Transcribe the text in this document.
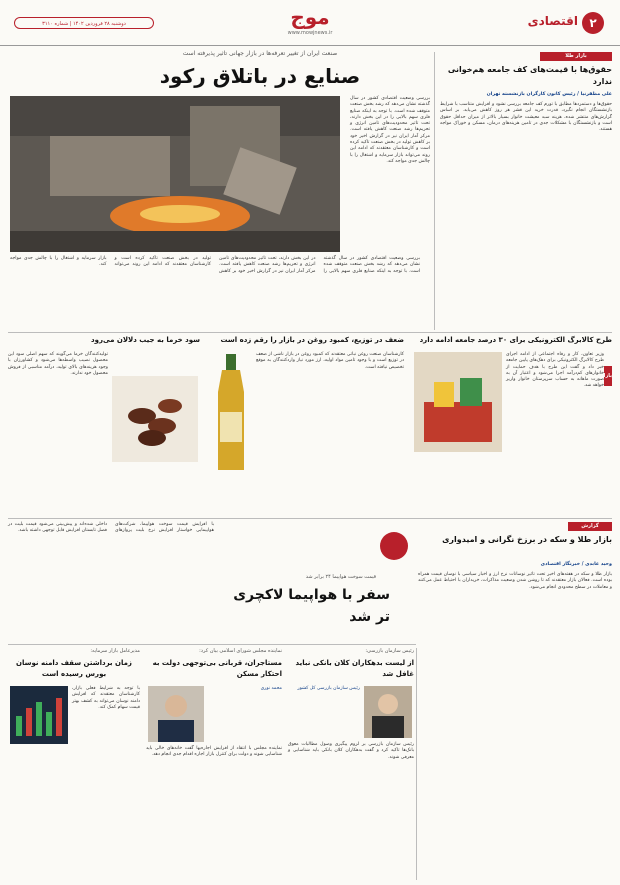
۲
اقتصادی
موج
www.mowjnews.ir
دوشنبه ۲۸ فروردین ۱۴۰۲ | شماره ۳۱۱۰
صنعت ایران از تغییر تعرفه‌ها در بازار جهانی تاثیر پذیرفته است
صنایع در باتلاق رکود
بررسی وضعیت اقتصادی کشور در سال گذشته نشان می‌دهد که رشد بخش صنعت متوقف شده است. با توجه به اینکه صنایع فلزی سهم بالایی را در این بخش دارند، تحت تاثیر محدودیت‌های تامین انرژی و تحریم‌ها رشد صنعت کاهش یافته است. مرکز آمار ایران نیز در گزارش اخیر خود بر کاهش تولید در بخش صنعت تاکید کرده است و کارشناسان معتقدند که ادامه این روند می‌تواند بازار سرمایه و اشتغال را با چالش جدی مواجه کند.
بررسی وضعیت اقتصادی کشور در سال گذشته نشان می‌دهد که رشد بخش صنعت متوقف شده است. با توجه به اینکه صنایع فلزی سهم بالایی را در این بخش دارند، تحت تاثیر محدودیت‌های تامین انرژی و تحریم‌ها رشد صنعت کاهش یافته است. مرکز آمار ایران نیز در گزارش اخیر خود بر کاهش تولید در بخش صنعت تاکید کرده است و کارشناسان معتقدند که ادامه این روند می‌تواند بازار سرمایه و اشتغال را با چالش جدی مواجه کند.
بازار طلا
حقوق‌ها با قیمت‌های کف جامعه هم‌خوانی ندارد
علی مظفرنیا / رئیس کانون کارگران بازنشسته تهران
حقوق‌ها و دستمزدها مطابق با تورم کف جامعه بررسی نشود و افزایش متناسب با شرایط بازنشستگان انجام نگیرد، قدرت خرید این قشر هر روز کاهش می‌یابد. بر اساس گزارش‌های منتشر شده، هزینه سبد معیشت خانوار بسیار بالاتر از میزان حداقل حقوق است و بازنشستگان با مشکلات جدی در تامین هزینه‌های درمان، مسکن و خوراک مواجه هستند.
طرح کالابرگ الکترونیکی برای ۳۰ درصد جامعه ادامه دارد
وزیر تعاون، کار و رفاه اجتماعی از ادامه اجرای طرح کالابرگ الکترونیکی برای دهک‌های پایین جامعه خبر داد و گفت این طرح با هدف حمایت از خانوارهای کم‌درآمد اجرا می‌شود و اعتبار آن به صورت ماهانه به حساب سرپرستان خانوار واریز خواهد شد.
بازار
ضعف در توزیع، کمبود روغن در بازار را رقم زده است
کارشناسان صنعت روغن نباتی معتقدند که کمبود روغن در بازار ناشی از ضعف در توزیع است و با وجود تامین مواد اولیه، ارز مورد نیاز واردکنندگان به موقع تخصیص نیافته است.
سود خرما به جیب دلالان می‌رود
تولیدکنندگان خرما می‌گویند که سهم اصلی سود این محصول نصیب واسطه‌ها می‌شود و کشاورزان با وجود هزینه‌های بالای تولید، درآمد مناسبی از فروش محصول خود ندارند.
گزارش
بازار طلا و سکه در برزخ نگرانی و امیدواری
وحید عابدی / خبرنگار اقتصادی
بازار طلا و سکه در هفته‌های اخیر تحت تاثیر نوسانات نرخ ارز و اخبار سیاسی با نوسان قیمت همراه بوده است. فعالان بازار معتقدند که تا روشن شدن وضعیت مذاکرات، خریداران با احتیاط عمل می‌کنند و معاملات در سطح محدودی انجام می‌شود.
قیمت سوخت هواپیما ۲۴ برابر شد
سفر با هواپیما لاکچری تر شد
با افزایش قیمت سوخت هواپیما، شرکت‌های هواپیمایی خواستار افزایش نرخ بلیت پروازهای داخلی شده‌اند و پیش‌بینی می‌شود قیمت بلیت در فصل تابستان افزایش قابل توجهی داشته باشد.
رئیس سازمان بازرسی:
از لیست بدهکاران کلان بانکی نباید غافل شد
رئیس سازمان بازرسی کل کشور
رئیس سازمان بازرسی بر لزوم پیگیری وصول مطالبات معوق بانک‌ها تاکید کرد و گفت بدهکاران کلان بانکی باید شناسایی و معرفی شوند.
نماینده مجلس شورای اسلامی بیان کرد:
مستاجران، قربانی بی‌توجهی دولت به احتکار مسکن
محمد نوری
نماینده مجلس با انتقاد از افزایش اجاره‌بها گفت خانه‌های خالی باید شناسایی شوند و دولت برای کنترل بازار اجاره اقدام جدی انجام دهد.
مدیرعامل بازار سرمایه:
زمان برداشتن سقف دامنه نوسان بورس رسیده است
با توجه به شرایط فعلی بازار، کارشناسان معتقدند که افزایش دامنه نوسان می‌تواند به کشف بهتر قیمت سهام کمک کند.
